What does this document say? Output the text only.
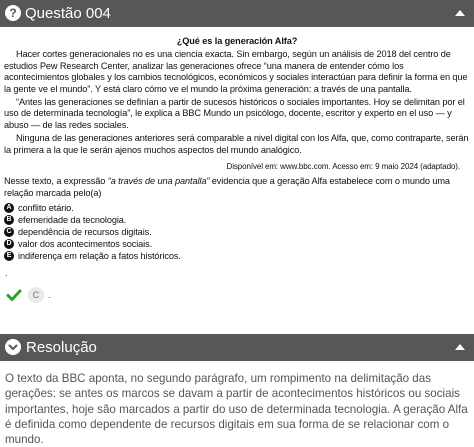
? Questão 004
¿Qué es la generación Alfa?

Hacer cortes generacionales no es una ciencia exacta. Sin embargo, según un análisis de 2018 del centro de estudios Pew Research Center, analizar las generaciones ofrece “una manera de entender cómo los acontecimientos globales y los cambios tecnológicos, económicos y sociales interactúan para definir la forma en que la gente ve el mundo”. Y está claro cómo ve el mundo la próxima generación: a través de una pantalla.

“Antes las generaciones se definían a partir de sucesos históricos o sociales importantes. Hoy se delimitan por el uso de determinada tecnología”, le explica a BBC Mundo un psicólogo, docente, escritor y experto en el uso — y abuso — de las redes sociales.

Ninguna de las generaciones anteriores será comparable a nivel digital con los Alfa, que, como contraparte, serán la primera a la que le serán ajenos muchos aspectos del mundo analógico.

Disponível em: www.bbc.com. Acesso em: 9 maio 2024 (adaptado).
Nesse texto, a expressão “a través de una pantalla” evidencia que a geração Alfa estabelece com o mundo uma relação marcada pelo(a)
A conflito etário.
B efemeridade da tecnologia.
C dependência de recursos digitais.
D valor dos acontecimentos sociais.
E indiferença em relação a fatos históricos.
.
C .
Resolução
O texto da BBC aponta, no segundo parágrafo, um rompimento na delimitação das gerações: se antes os marcos se davam a partir de acontecimentos históricos ou sociais importantes, hoje são marcados a partir do uso de determinada tecnologia. A geração Alfa é definida como dependente de recursos digitais em sua forma de se relacionar com o mundo.
